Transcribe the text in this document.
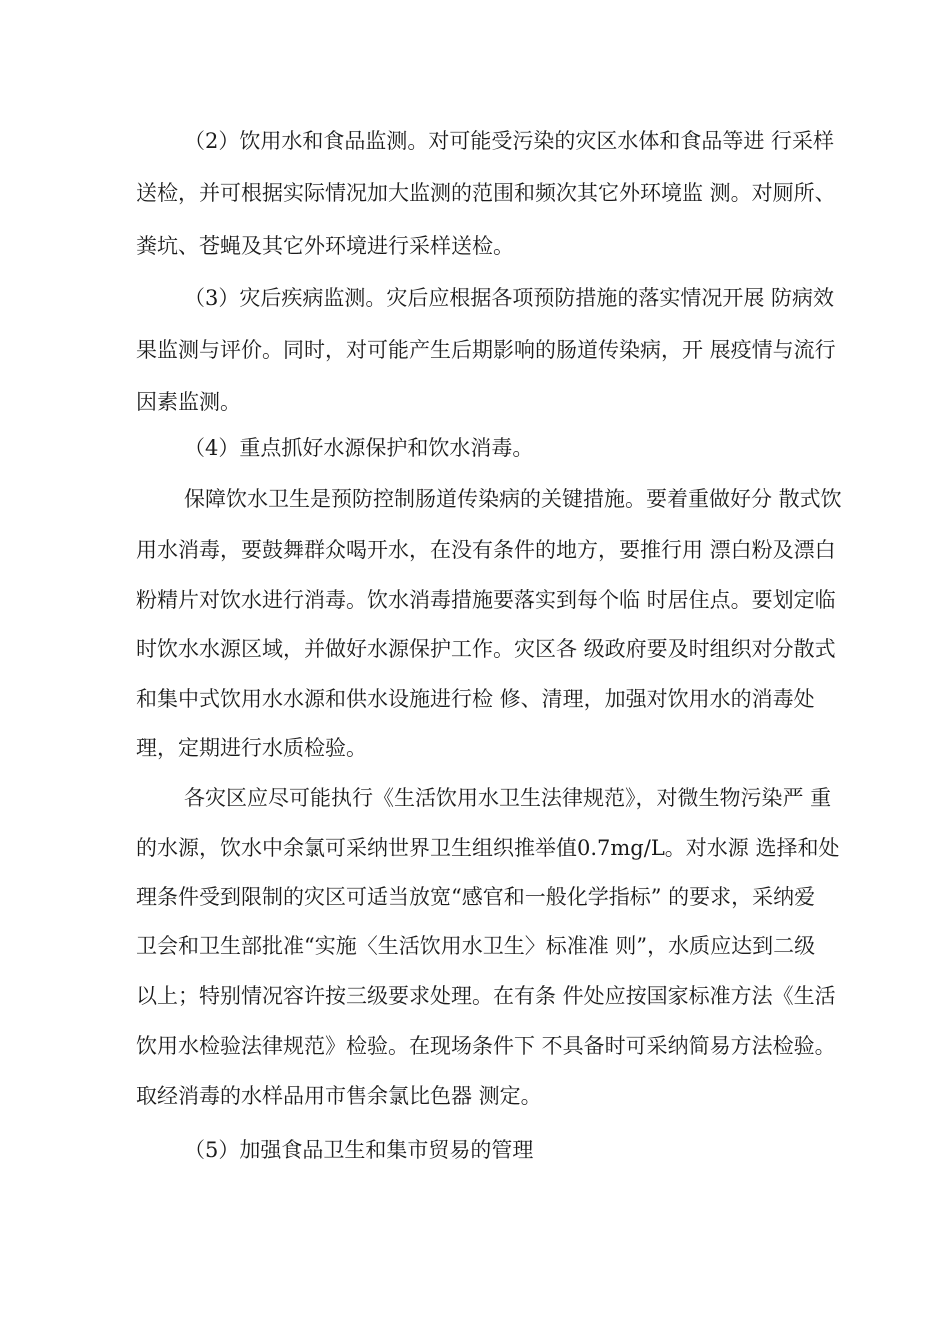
（2）饮用水和食品监测。对可能受污染的灾区水体和食品等进 行采样
送检，并可根据实际情况加大监测的范围和频次其它外环境监 测。对厕所、
粪坑、苍蝇及其它外环境进行采样送检。
（3）灾后疾病监测。灾后应根据各项预防措施的落实情况开展 防病效
果监测与评价。同时，对可能产生后期影响的肠道传染病，开 展疫情与流行
因素监测。
（4）重点抓好水源保护和饮水消毒。
保障饮水卫生是预防控制肠道传染病的关键措施。要着重做好分 散式饮
用水消毒，要鼓舞群众喝开水，在没有条件的地方，要推行用 漂白粉及漂白
粉精片对饮水进行消毒。饮水消毒措施要落实到每个临 时居住点。要划定临
时饮水水源区域，并做好水源保护工作。灾区各 级政府要及时组织对分散式
和集中式饮用水水源和供水设施进行检 修、清理，加强对饮用水的消毒处
理，定期进行水质检验。
各灾区应尽可能执行《生活饮用水卫生法律规范》，对微生物污染严 重
的水源，饮水中余氯可采纳世界卫生组织推举值0.7mg/L。对水源 选择和处
理条件受到限制的灾区可适当放宽“感官和一般化学指标” 的要求，采纳爱
卫会和卫生部批准“实施〈生活饮用水卫生〉标准准 则”，水质应达到二级
以上；特别情况容许按三级要求处理。在有条 件处应按国家标准方法《生活
饮用水检验法律规范》检验。在现场条件下 不具备时可采纳简易方法检验。
取经消毒的水样品用市售余氯比色器 测定。
（5）加强食品卫生和集市贸易的管理
